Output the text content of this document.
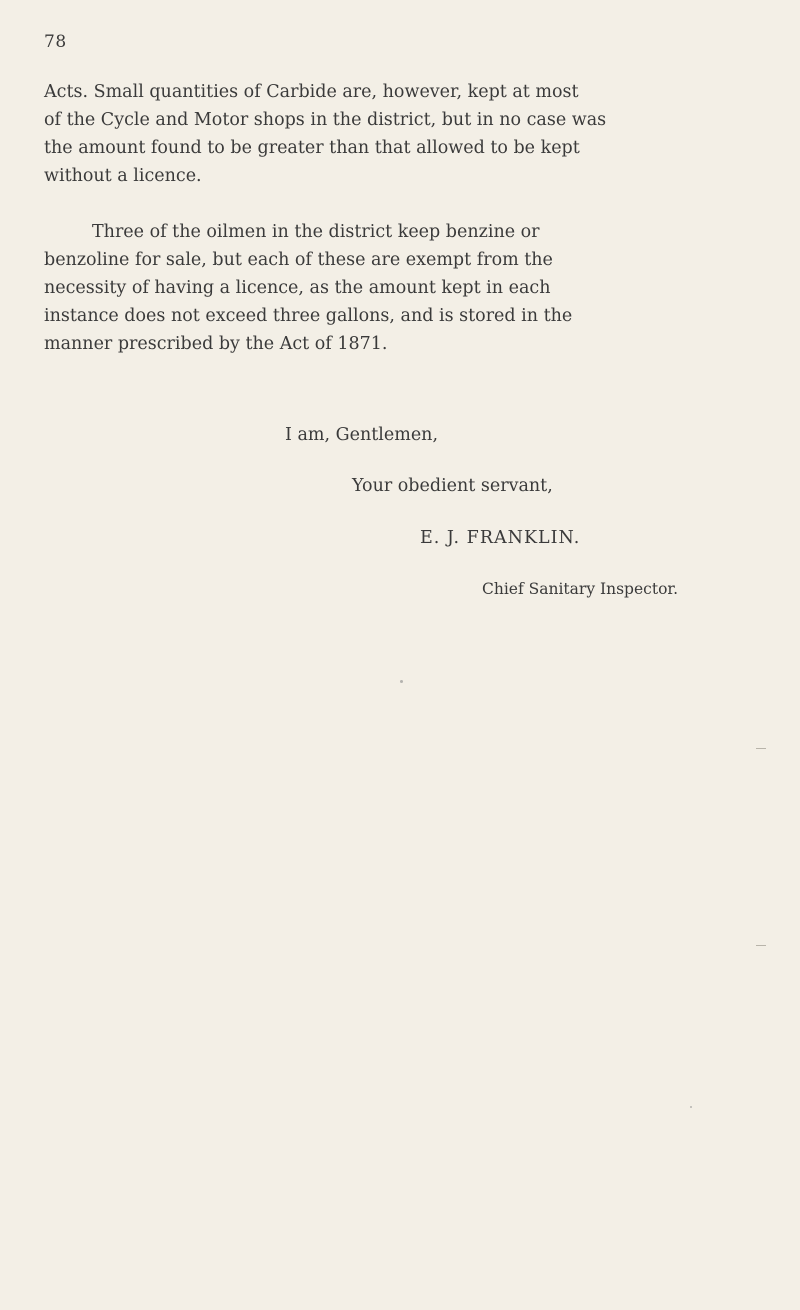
78

Acts. Small quantities of Carbide are, however, kept at most
of the Cycle and Motor shops in the district, but in no case was
the amount found to be greater than that allowed to be kept
without a licence.

Three of the oilmen in the district keep benzine or
benzoline for sale, but each of these are exempt from the
necessity of having a licence, as the amount kept in each
instance does not exceed three gallons, and is stored in the
manner prescribed by the Act of 1871.

I am, Gentlemen,
Your obedient servant,
E. J. FRANKLIN.
Chief Sanitary Inspector.
